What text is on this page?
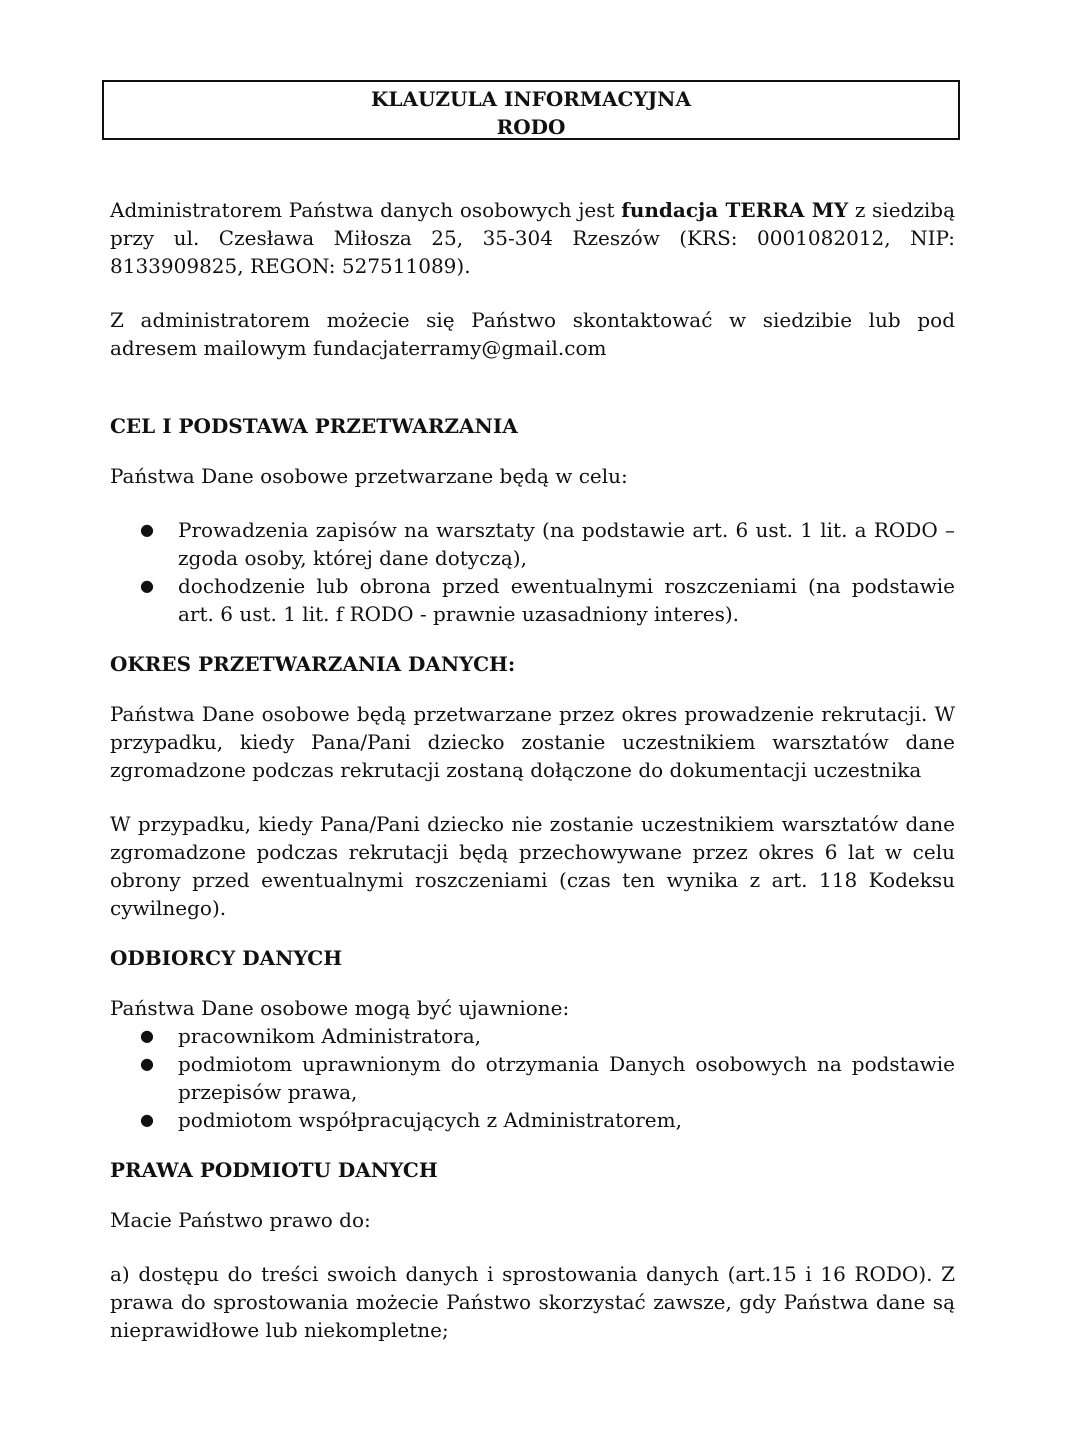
KLAUZULA INFORMACYJNA
RODO

Administratorem Państwa danych osobowych jest fundacja TERRA MY z siedzibą przy ul. Czesława Miłosza 25, 35-304 Rzeszów (KRS: 0001082012, NIP: 8133909825, REGON: 527511089).

Z administratorem możecie się Państwo skontaktować w siedzibie lub pod adresem mailowym fundacjaterramy@gmail.com

CEL I PODSTAWA PRZETWARZANIA

Państwa Dane osobowe przetwarzane będą w celu:

● Prowadzenia zapisów na warsztaty (na podstawie art. 6 ust. 1 lit. a RODO – zgoda osoby, której dane dotyczą),
● dochodzenie lub obrona przed ewentualnymi roszczeniami (na podstawie art. 6 ust. 1 lit. f RODO - prawnie uzasadniony interes).
OKRES PRZETWARZANIA DANYCH:

Państwa Dane osobowe będą przetwarzane przez okres prowadzenie rekrutacji. W przypadku, kiedy Pana/Pani dziecko zostanie uczestnikiem warsztatów dane zgromadzone podczas rekrutacji zostaną dołączone do dokumentacji uczestnika

W przypadku, kiedy Pana/Pani dziecko nie zostanie uczestnikiem warsztatów dane zgromadzone podczas rekrutacji będą przechowywane przez okres 6 lat w celu obrony przed ewentualnymi roszczeniami (czas ten wynika z art. 118 Kodeksu cywilnego).

ODBIORCY DANYCH

Państwa Dane osobowe mogą być ujawnione:

● pracownikom Administratora,
● podmiotom uprawnionym do otrzymania Danych osobowych na podstawie przepisów prawa,
● podmiotom współpracujących z Administratorem,
PRAWA PODMIOTU DANYCH

Macie Państwo prawo do:

a) dostępu do treści swoich danych i sprostowania danych (art.15 i 16 RODO). Z prawa do sprostowania możecie Państwo skorzystać zawsze, gdy Państwa dane są nieprawidłowe lub niekompletne;
